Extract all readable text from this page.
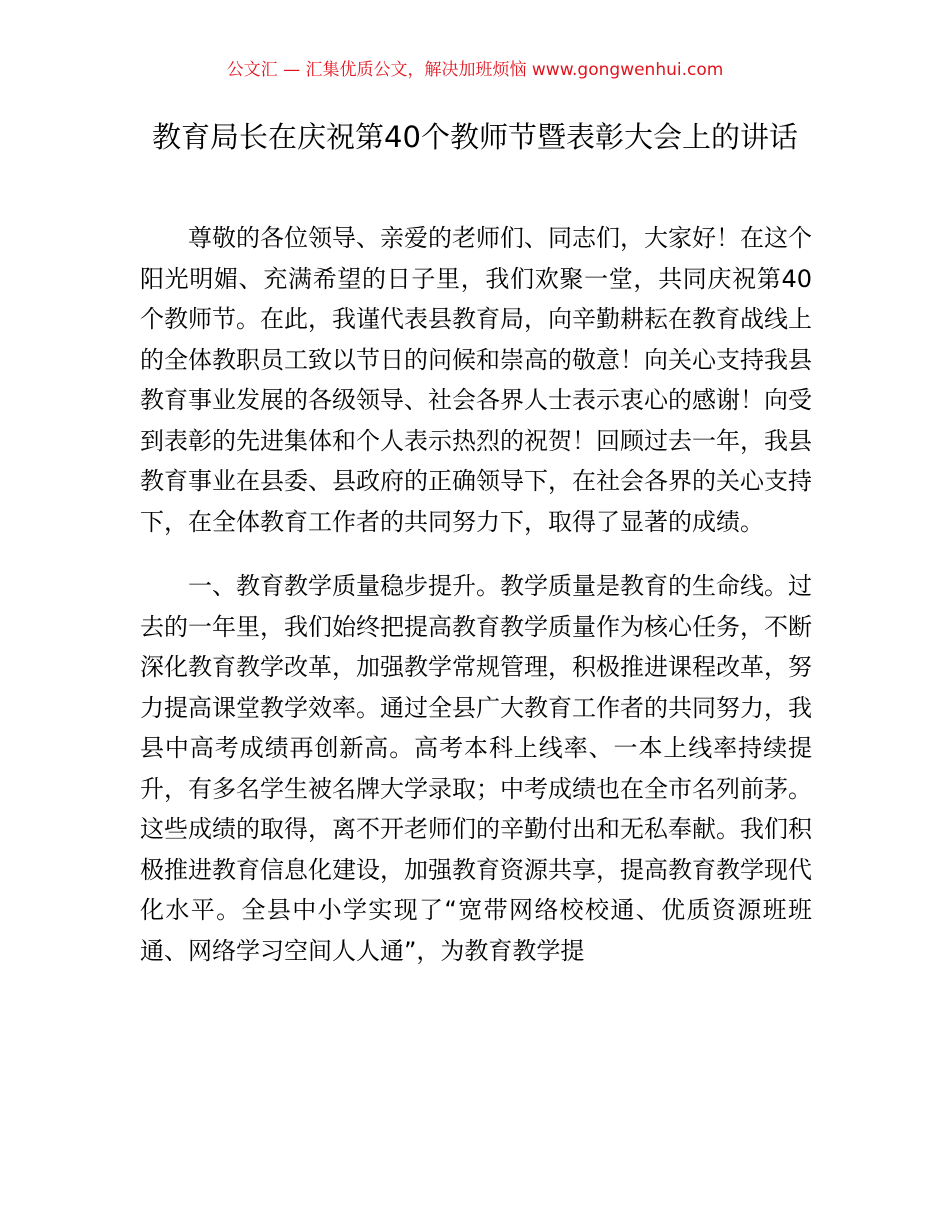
公文汇 — 汇集优质公文，解决加班烦恼 www.gongwenhui.com
教育局长在庆祝第40个教师节暨表彰大会上的讲话

尊敬的各位领导、亲爱的老师们、同志们，大家好！在这个阳光明媚、充满希望的日子里，我们欢聚一堂，共同庆祝第40个教师节。在此，我谨代表县教育局，向辛勤耕耘在教育战线上的全体教职员工致以节日的问候和崇高的敬意！向关心支持我县教育事业发展的各级领导、社会各界人士表示衷心的感谢！向受到表彰的先进集体和个人表示热烈的祝贺！回顾过去一年，我县教育事业在县委、县政府的正确领导下，在社会各界的关心支持下，在全体教育工作者的共同努力下，取得了显著的成绩。

一、教育教学质量稳步提升。教学质量是教育的生命线。过去的一年里，我们始终把提高教育教学质量作为核心任务，不断深化教育教学改革，加强教学常规管理，积极推进课程改革，努力提高课堂教学效率。通过全县广大教育工作者的共同努力，我县中高考成绩再创新高。高考本科上线率、一本上线率持续提升，有多名学生被名牌大学录取；中考成绩也在全市名列前茅。这些成绩的取得，离不开老师们的辛勤付出和无私奉献。我们积极推进教育信息化建设，加强教育资源共享，提高教育教学现代化水平。全县中小学实现了“宽带网络校校通、优质资源班班通、网络学习空间人人通”，为教育教学提
